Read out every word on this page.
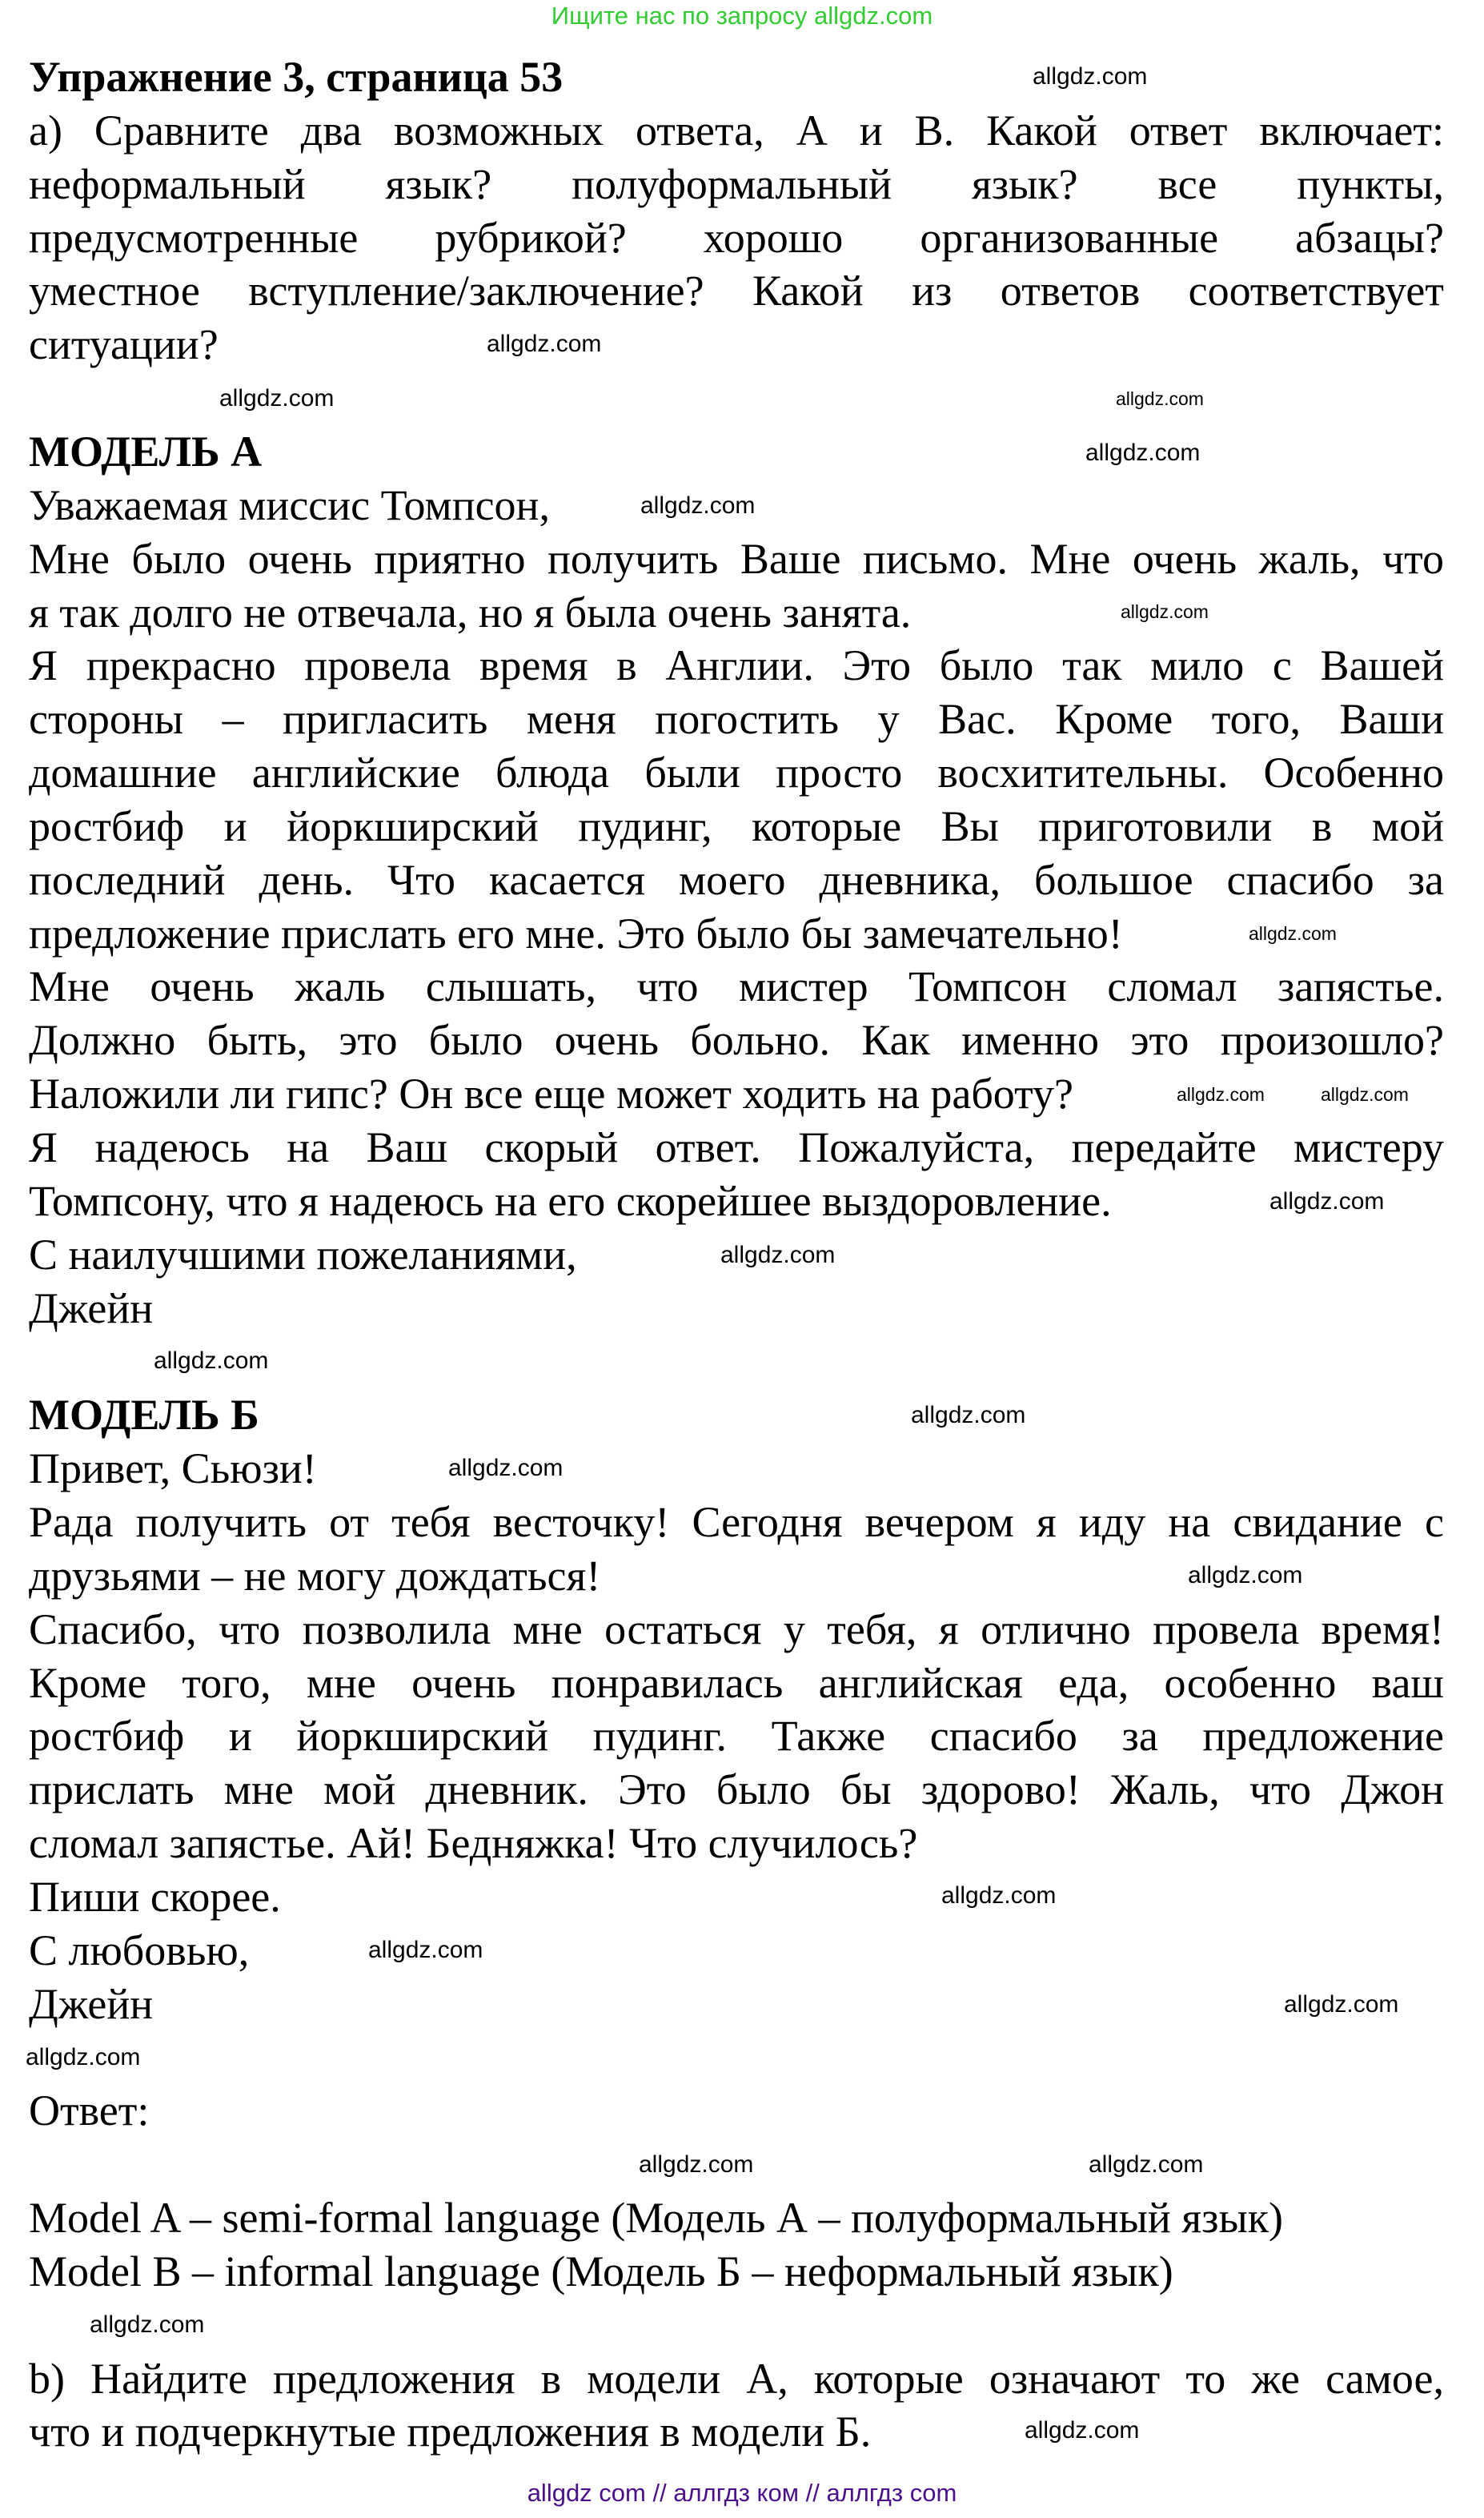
Ищите нас по запросу allgdz.com
Упражнение 3, страница 53
а) Сравните два возможных ответа, А и В. Какой ответ включает:
неформальный язык? полуформальный язык? все пункты,
предусмотренные рубрикой? хорошо организованные абзацы?
уместное вступление/заключение? Какой из ответов соответствует
ситуации?
МОДЕЛЬ А
Уважаемая миссис Томпсон,
Мне было очень приятно получить Ваше письмо. Мне очень жаль, что
я так долго не отвечала, но я была очень занята.
Я прекрасно провела время в Англии. Это было так мило с Вашей
стороны – пригласить меня погостить у Вас. Кроме того, Ваши
домашние английские блюда были просто восхитительны. Особенно
ростбиф и йоркширский пудинг, которые Вы приготовили в мой
последний день. Что касается моего дневника, большое спасибо за
предложение прислать его мне. Это было бы замечательно!
Мне очень жаль слышать, что мистер Томпсон сломал запястье.
Должно быть, это было очень больно. Как именно это произошло?
Наложили ли гипс? Он все еще может ходить на работу?
Я надеюсь на Ваш скорый ответ. Пожалуйста, передайте мистеру
Томпсону, что я надеюсь на его скорейшее выздоровление.
С наилучшими пожеланиями,
Джейн
МОДЕЛЬ Б
Привет, Сьюзи!
Рада получить от тебя весточку! Сегодня вечером я иду на свидание с
друзьями – не могу дождаться!
Спасибо, что позволила мне остаться у тебя, я отлично провела время!
Кроме того, мне очень понравилась английская еда, особенно ваш
ростбиф и йоркширский пудинг. Также спасибо за предложение
прислать мне мой дневник. Это было бы здорово! Жаль, что Джон
сломал запястье. Ай! Бедняжка! Что случилось?
Пиши скорее.
С любовью,
Джейн
Ответ:
Model A – semi-formal language (Модель А – полуформальный язык)
Model B – informal language (Модель Б – неформальный язык)
b) Найдите предложения в модели А, которые означают то же самое,
что и подчеркнутые предложения в модели Б.
allgdz.com
allgdz.com
allgdz.com
allgdz.com
allgdz.com
allgdz.com
allgdz.com
allgdz.com
allgdz.com	allgdz.com
allgdz.com
allgdz.com
allgdz.com
allgdz.com
allgdz.com
allgdz.com
allgdz.com
allgdz.com
allgdz.com
allgdz.com
allgdz.com	allgdz.com
allgdz.com
allgdz.com
allgdz com // аллгдз ком // аллгдз com
